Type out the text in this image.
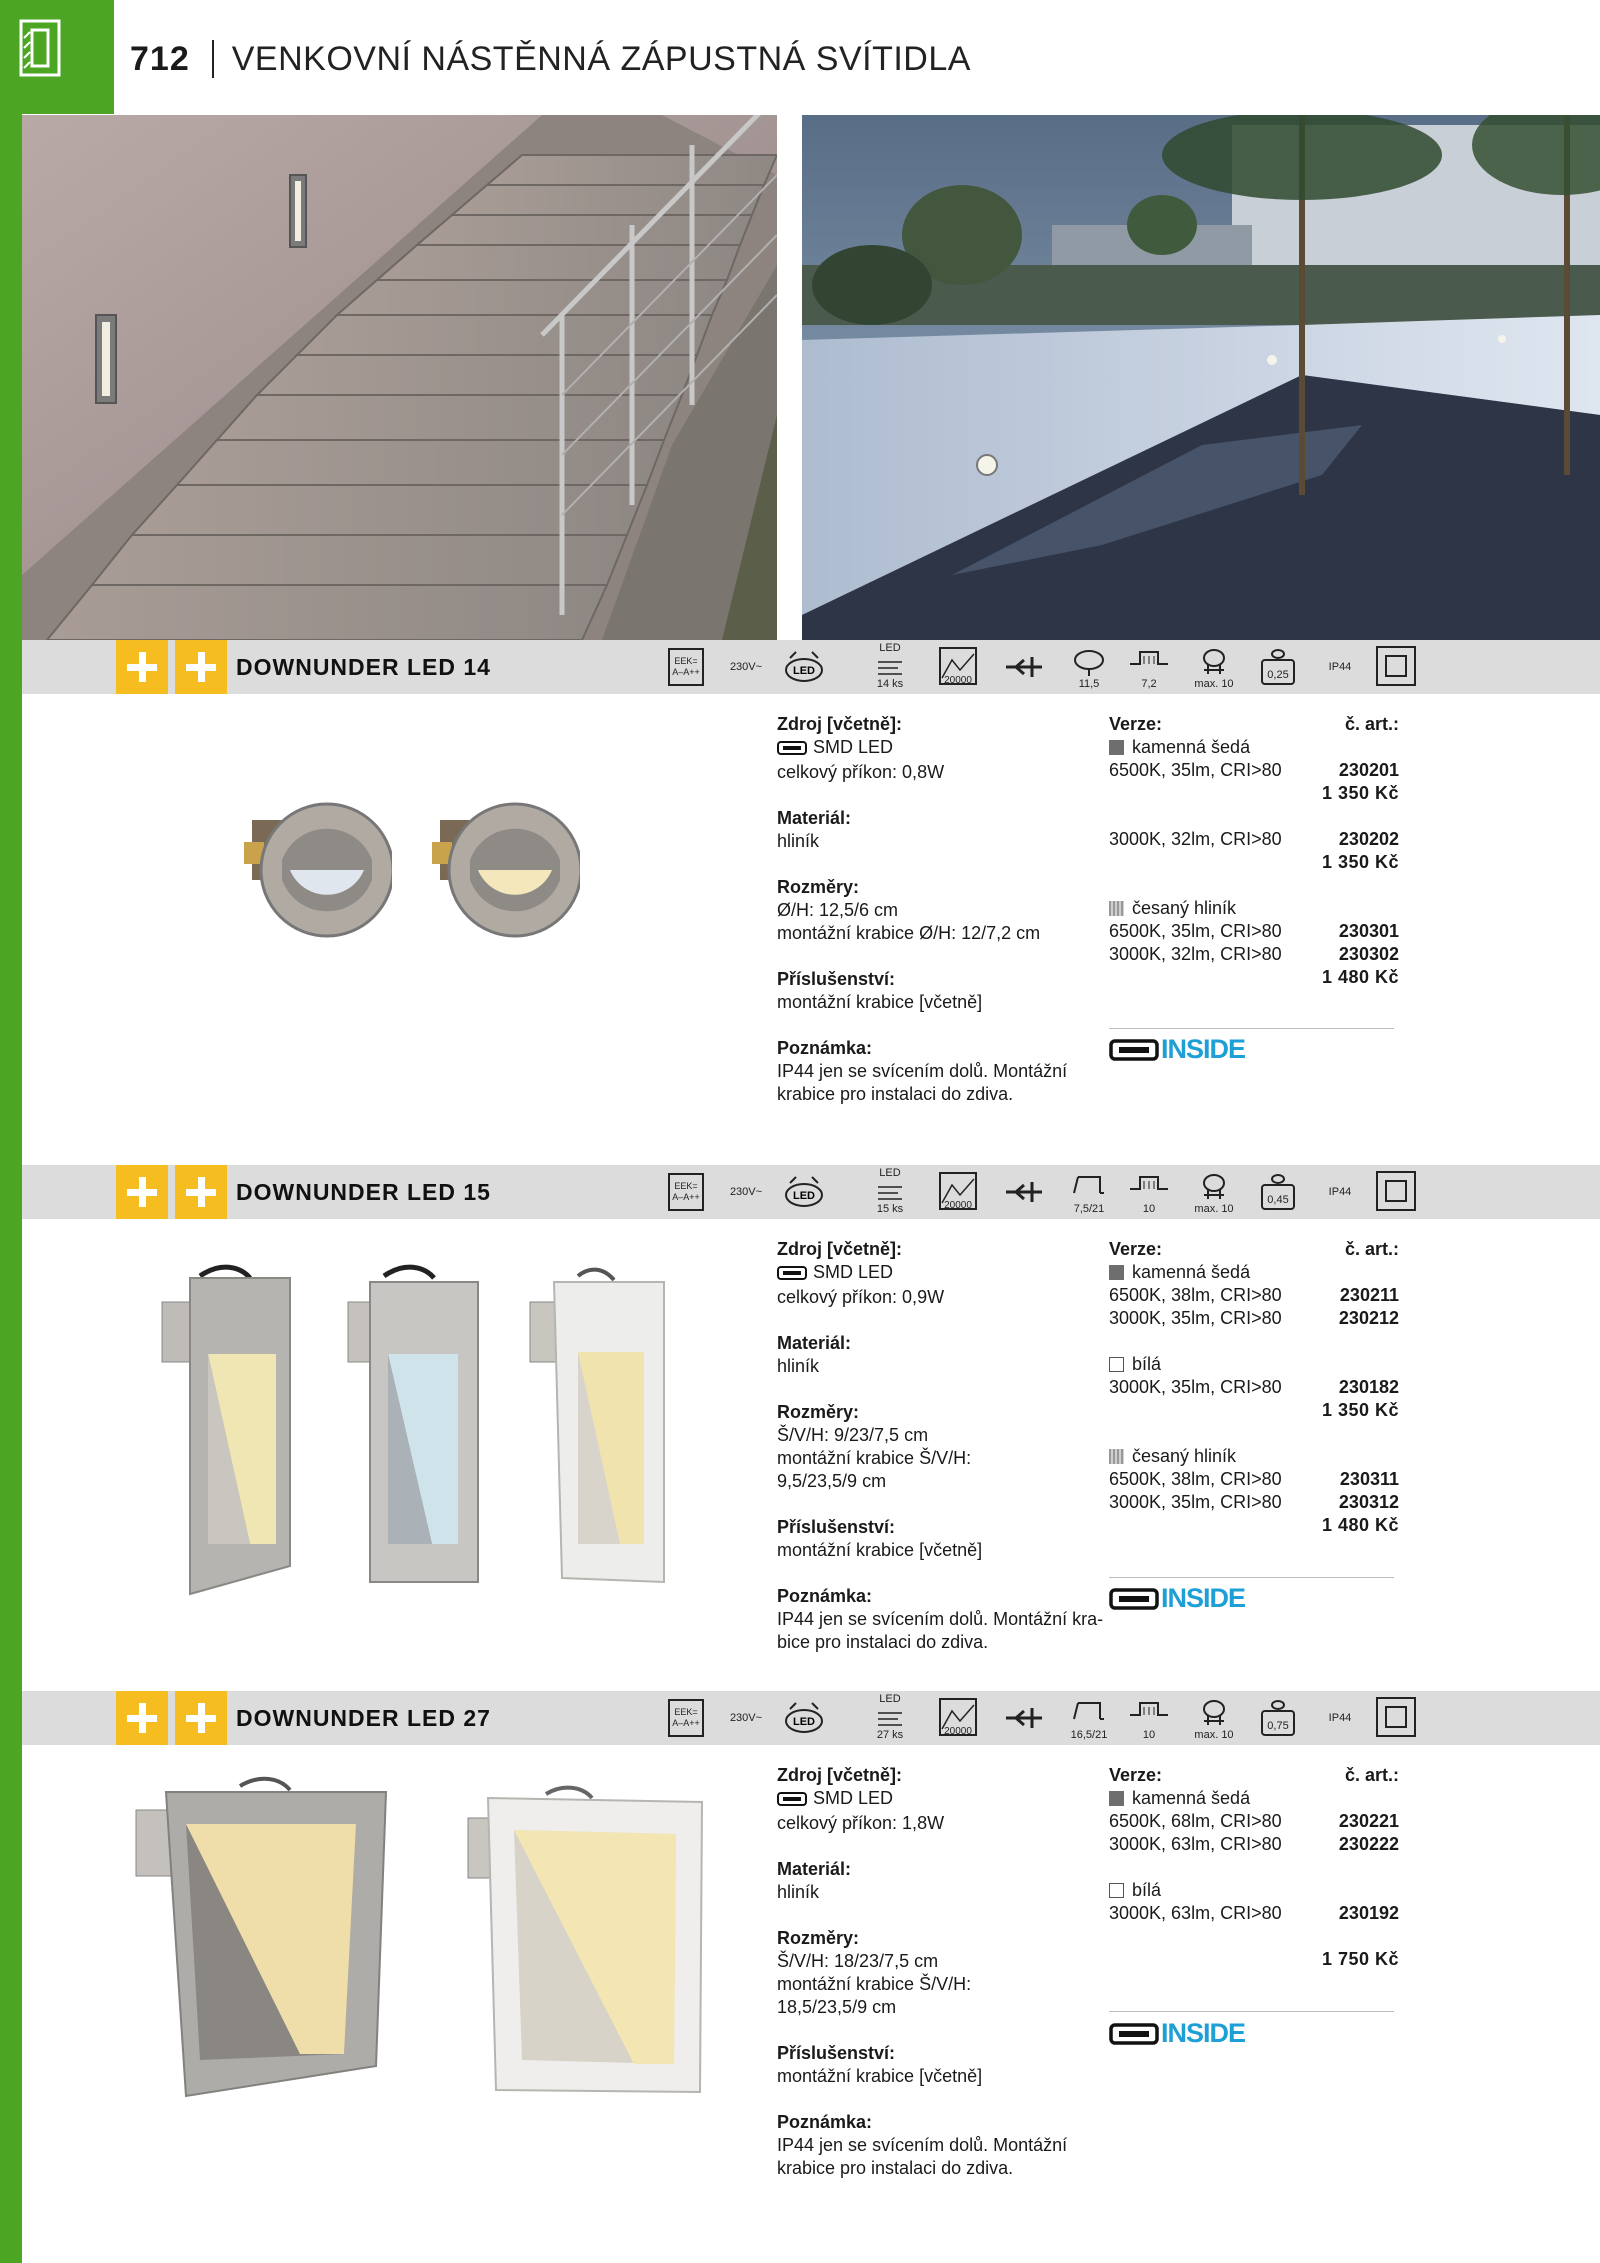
712 VENKOVNÍ NÁSTĚNNÁ ZÁPUSTNÁ SVÍTIDLA
DOWNUNDER LED 14	EEK=
A–A++	230V~	LED
LED
14 ks	20000	11,5	7,2	max. 10
0,25
IP44
Zdroj [včetně]:
SMD LED
celkový příkon: 0,8W
Materiál:
hliník
Rozměry:
Ø/H: 12,5/6 cm
montážní krabice Ø/H: 12/7,2 cm
Příslušenství:
montážní krabice [včetně]
Poznámka:
IP44 jen se svícením dolů. Montážní
krabice pro instalaci do zdiva.
Verze:	č. art.:
kamenná šedá
6500K, 35lm, CRI>80	230201
1 350 Kč
3000K, 32lm, CRI>80	230202
1 350 Kč
česaný hliník
6500K, 35lm, CRI>80	230301
3000K, 32lm, CRI>80	230302
1 480 Kč
INSIDE
DOWNUNDER LED 15	EEK=
A–A++	230V~	LED
LED
15 ks	20000	7,5/21	10	max. 10
0,45
IP44
Zdroj [včetně]:
SMD LED
celkový příkon: 0,9W
Materiál:
hliník
Rozměry:
Š/V/H: 9/23/7,5 cm
montážní krabice Š/V/H:
9,5/23,5/9 cm
Příslušenství:
montážní krabice [včetně]
Poznámka:
IP44 jen se svícením dolů. Montážní kra-
bice pro instalaci do zdiva.
Verze:	č. art.:
kamenná šedá
6500K, 38lm, CRI>80	230211
3000K, 35lm, CRI>80	230212
bílá
3000K, 35lm, CRI>80	230182
1 350 Kč
česaný hliník
6500K, 38lm, CRI>80	230311
3000K, 35lm, CRI>80	230312
1 480 Kč
INSIDE
DOWNUNDER LED 27	EEK=
A–A++	230V~	LED
LED
27 ks	20000	16,5/21	10	max. 10
0,75
IP44
Zdroj [včetně]:
SMD LED
celkový příkon: 1,8W
Materiál:
hliník
Rozměry:
Š/V/H: 18/23/7,5 cm
montážní krabice Š/V/H:
18,5/23,5/9 cm
Příslušenství:
montážní krabice [včetně]
Poznámka:
IP44 jen se svícením dolů. Montážní
krabice pro instalaci do zdiva.
Verze:	č. art.:
kamenná šedá
6500K, 68lm, CRI>80	230221
3000K, 63lm, CRI>80	230222
bílá
3000K, 63lm, CRI>80	230192
1 750 Kč
INSIDE
